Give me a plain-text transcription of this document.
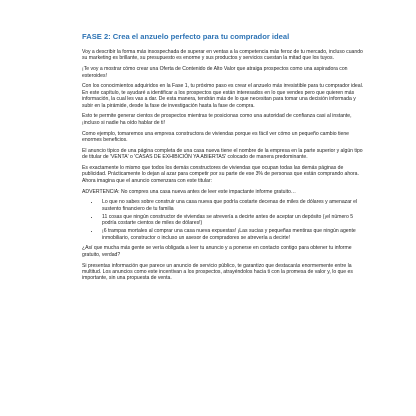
FASE 2: Crea el anzuelo perfecto para tu comprador ideal

Voy a describir la forma más insospechada de superar en ventas a la competencia más feroz de tu mercado, incluso cuando su marketing es brillante, su presupuesto es enorme y sus productos y servicios cuestan la mitad que los tuyos.

¡Te voy a mostrar cómo crear una Oferta de Contenido de Alto Valor que atraiga prospectos como una aspiradora con esteroides!

Con los conocimientos adquiridos en la Fase 1, tu próximo paso es crear el anzuelo más irresistible para tu comprador ideal. En este capítulo, te ayudaré a identificar a los prospectos que están interesados en lo que vendes pero que quieren más información, la cual les vas a dar. De esta manera, tendrán más de lo que necesitan para tomar una decisión informada y subir en la pirámide, desde la fase de investigación hasta la fase de compra.

Esto te permite generar cientos de prospectos mientras te posicionas como una autoridad de confianza casi al instante, ¡incluso si nadie ha oído hablar de ti!

Como ejemplo, tomaremos una empresa constructora de viviendas porque es fácil ver cómo un pequeño cambio tiene enormes beneficios.

El anuncio típico de una página completa de una casa nueva tiene el nombre de la empresa en la parte superior y algún tipo de titular de 'VENTA' o 'CASAS DE EXHIBICIÓN YA ABIERTAS' colocado de manera predominante.

Es exactamente lo mismo que todos los demás constructores de viviendas que ocupan todas las demás páginas de publicidad. Prácticamente lo dejan al azar para competir por su parte de ese 3% de personas que están comprando ahora. Ahora imagina que el anuncio comenzara con este titular:

ADVERTENCIA: No compres una casa nueva antes de leer este impactante informe gratuito…

• Lo que no sabes sobre construir una casa nueva que podría costarte decenas de miles de dólares y amenazar el sustento financiero de tu familia
• 11 cosas que ningún constructor de viviendas se atrevería a decirte antes de aceptar un depósito (¡el número 5 podría costarte cientos de miles de dólares!)
• ¡6 trampas mortales al comprar una casa nueva expuestas! ¡Las sucias y pequeñas mentiras que ningún agente inmobiliario, constructor o incluso un asesor de compradores se atrevería a decirte!

¿Así que mucha más gente se vería obligada a leer tu anuncio y a ponerse en contacto contigo para obtener tu informe gratuito, verdad?

Si presentas información que parece un anuncio de servicio público, te garantizo que destacarás enormemente entre la multitud. Los anuncios como este incentivan a los prospectos, atrayéndolos hacia ti con la promesa de valor y, lo que es importante, sin una propuesta de venta.
